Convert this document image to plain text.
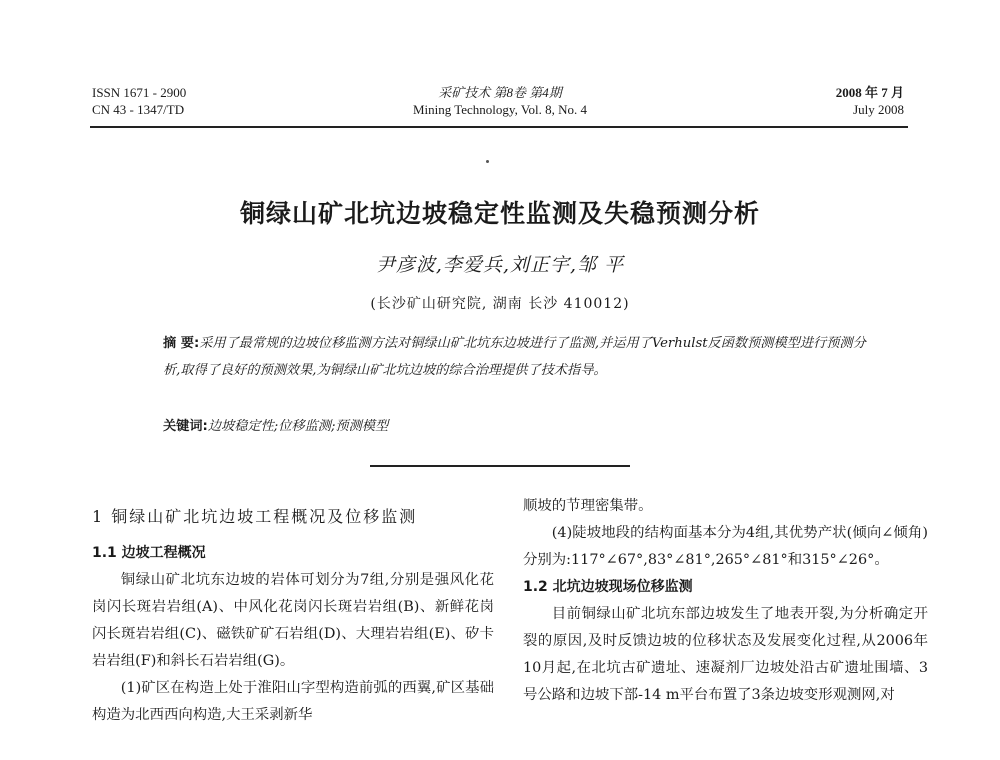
ISSN 1671 - 2900
CN 43 - 1347/TD
采矿技术 第8卷 第4期
Mining Technology, Vol. 8, No. 4
2008 年 7 月
July 2008
铜绿山矿北坑边坡稳定性监测及失稳预测分析
尹彦波,李爱兵,刘正宇,邹 平
(长沙矿山研究院, 湖南 长沙 410012)
摘 要:采用了最常规的边坡位移监测方法对铜绿山矿北坑东边坡进行了监测,并运用了Verhulst反函数预测模型进行预测分析,取得了良好的预测效果,为铜绿山矿北坑边坡的综合治理提供了技术指导。
关键词:边坡稳定性;位移监测;预测模型
1 铜绿山矿北坑边坡工程概况及位移监测
1.1 边坡工程概况
铜绿山矿北坑东边坡的岩体可划分为7组,分别是强风化花岗闪长斑岩岩组(A)、中风化花岗闪长斑岩岩组(B)、新鲜花岗闪长斑岩岩组(C)、磁铁矿矿石岩组(D)、大理岩岩组(E)、矽卡岩岩组(F)和斜长石岩岩组(G)。
(1)矿区在构造上处于淮阳山字型构造前弧的西翼,矿区基础构造为北西西向构造,大王采剥新华
顺坡的节理密集带。
(4)陡坡地段的结构面基本分为4组,其优势产状(倾向∠倾角)分别为:117°∠67°,83°∠81°,265°∠81°和315°∠26°。
1.2 北坑边坡现场位移监测
目前铜绿山矿北坑东部边坡发生了地表开裂,为分析确定开裂的原因,及时反馈边坡的位移状态及发展变化过程,从2006年10月起,在北坑古矿遗址、速凝剂厂边坡处沿古矿遗址围墙、3号公路和边坡下部-14 m平台布置了3条边坡变形观测网,对
